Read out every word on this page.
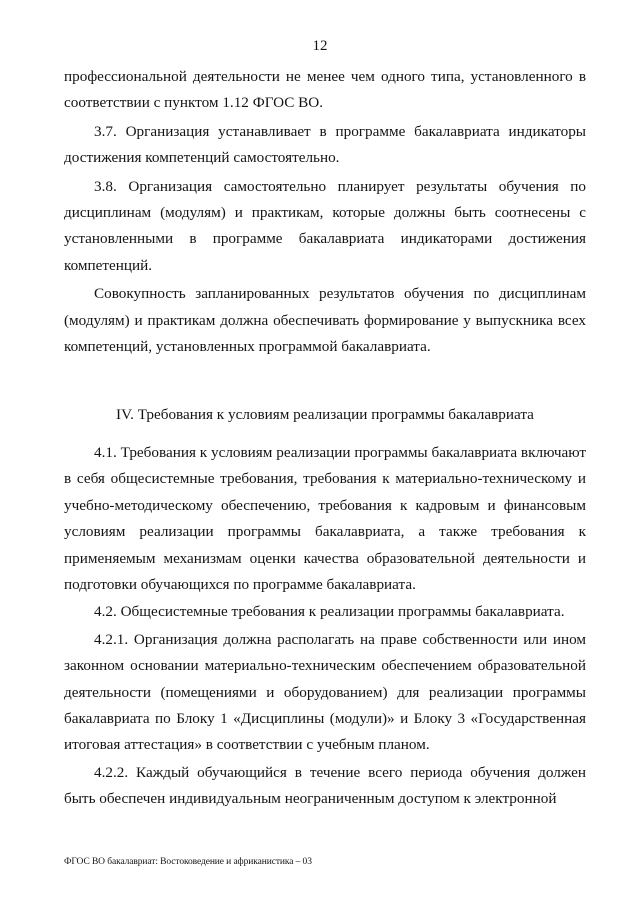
12

профессиональной деятельности не менее чем одного типа, установленного в соответствии с пунктом 1.12 ФГОС ВО.

3.7. Организация устанавливает в программе бакалавриата индикаторы достижения компетенций самостоятельно.

3.8. Организация самостоятельно планирует результаты обучения по дисциплинам (модулям) и практикам, которые должны быть соотнесены с установленными в программе бакалавриата индикаторами достижения компетенций.

Совокупность запланированных результатов обучения по дисциплинам (модулям) и практикам должна обеспечивать формирование у выпускника всех компетенций, установленных программой бакалавриата.

IV. Требования к условиям реализации программы бакалавриата

4.1. Требования к условиям реализации программы бакалавриата включают в себя общесистемные требования, требования к материально-техническому и учебно-методическому обеспечению, требования к кадровым и финансовым условиям реализации программы бакалавриата, а также требования к применяемым механизмам оценки качества образовательной деятельности и подготовки обучающихся по программе бакалавриата.

4.2. Общесистемные требования к реализации программы бакалавриата.

4.2.1. Организация должна располагать на праве собственности или ином законном основании материально-техническим обеспечением образовательной деятельности (помещениями и оборудованием) для реализации программы бакалавриата по Блоку 1 «Дисциплины (модули)» и Блоку 3 «Государственная итоговая аттестация» в соответствии с учебным планом.

4.2.2. Каждый обучающийся в течение всего периода обучения должен быть обеспечен индивидуальным неограниченным доступом к электронной

ФГОС ВО бакалавриат: Востоковедение и африканистика – 03
